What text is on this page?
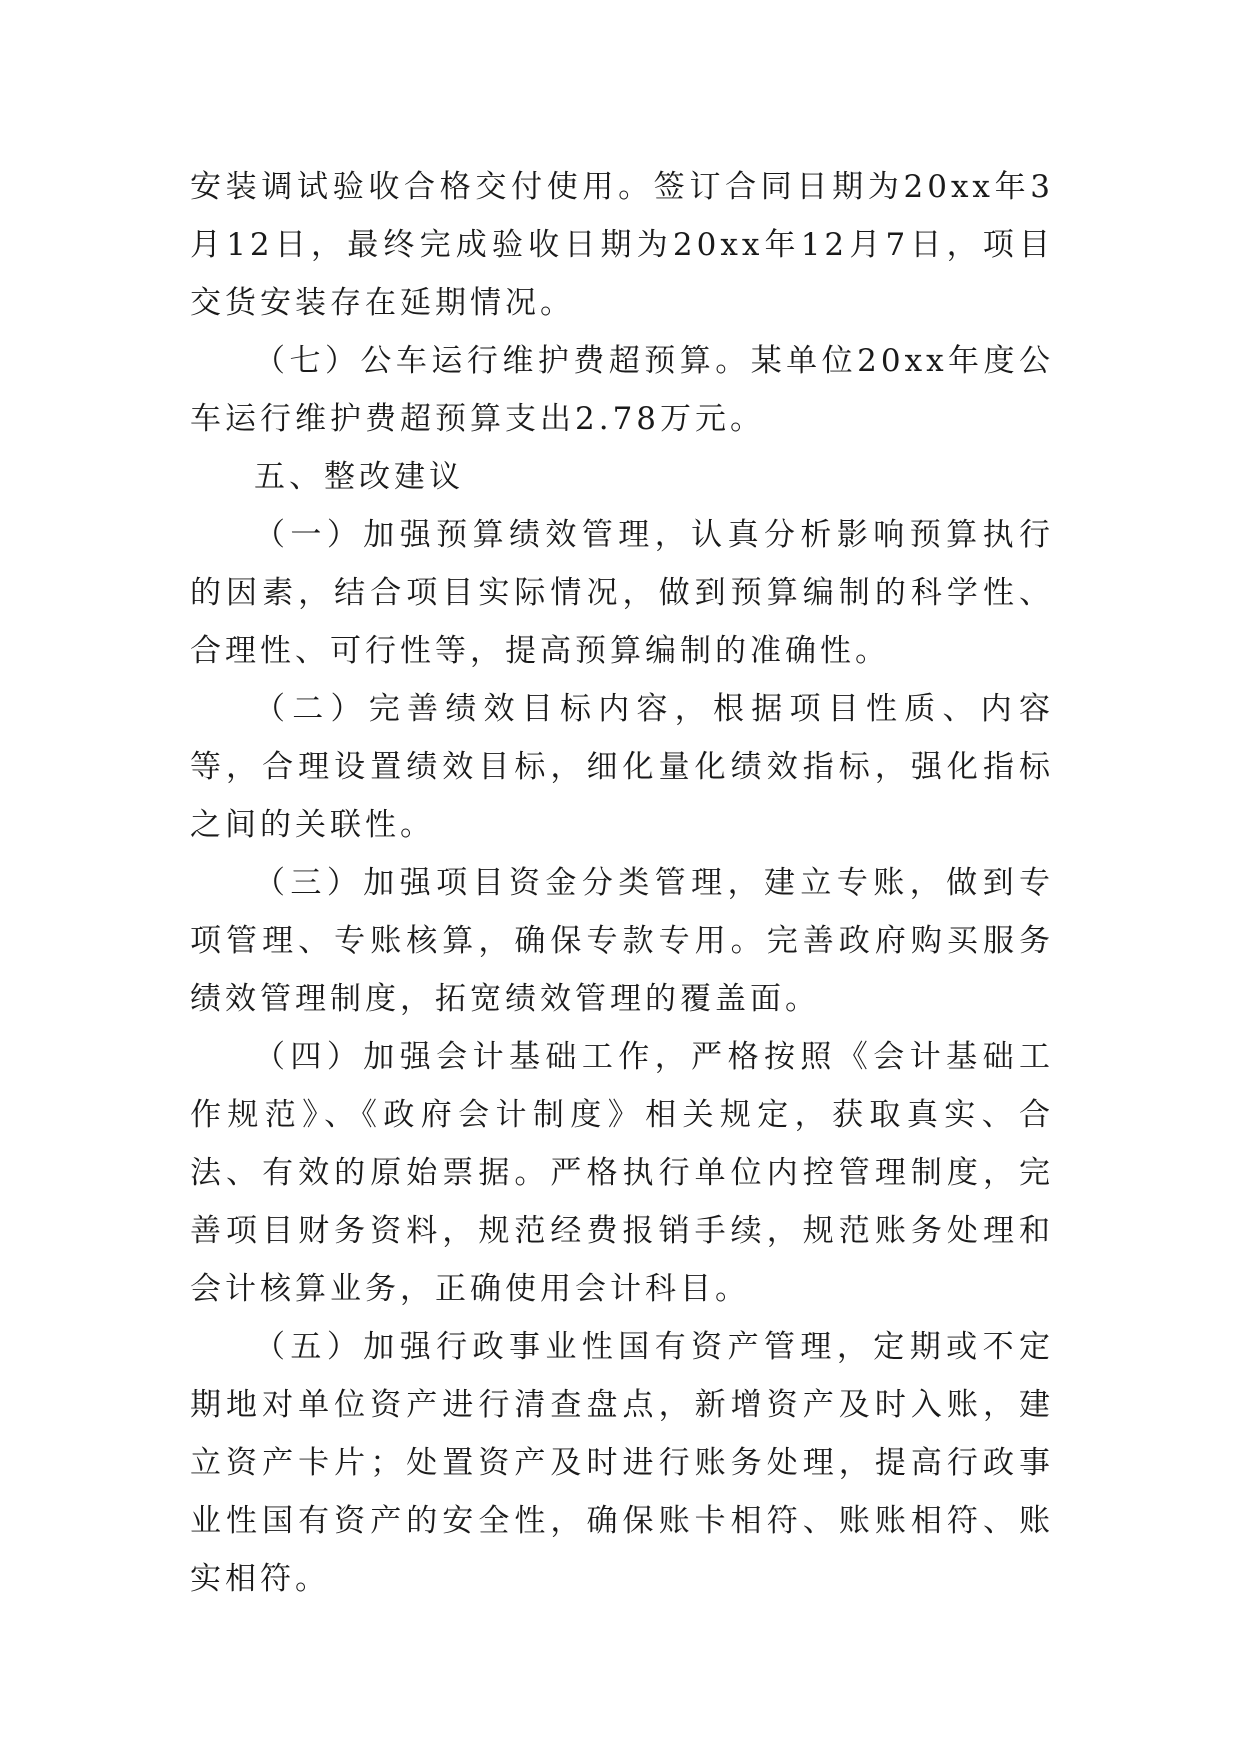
安装调试验收合格交付使用。签订合同日期为20xx年3月12日，最终完成验收日期为20xx年12月7日，项目交货安装存在延期情况。

（七）公车运行维护费超预算。某单位20xx年度公车运行维护费超预算支出2.78万元。

五、整改建议

（一）加强预算绩效管理，认真分析影响预算执行的因素，结合项目实际情况，做到预算编制的科学性、合理性、可行性等，提高预算编制的准确性。

（二）完善绩效目标内容，根据项目性质、内容等，合理设置绩效目标，细化量化绩效指标，强化指标之间的关联性。

（三）加强项目资金分类管理，建立专账，做到专项管理、专账核算，确保专款专用。完善政府购买服务绩效管理制度，拓宽绩效管理的覆盖面。

（四）加强会计基础工作，严格按照《会计基础工作规范》、《政府会计制度》相关规定，获取真实、合法、有效的原始票据。严格执行单位内控管理制度，完善项目财务资料，规范经费报销手续，规范账务处理和会计核算业务，正确使用会计科目。

（五）加强行政事业性国有资产管理，定期或不定期地对单位资产进行清查盘点，新增资产及时入账，建立资产卡片；处置资产及时进行账务处理，提高行政事业性国有资产的安全性，确保账卡相符、账账相符、账实相符。
